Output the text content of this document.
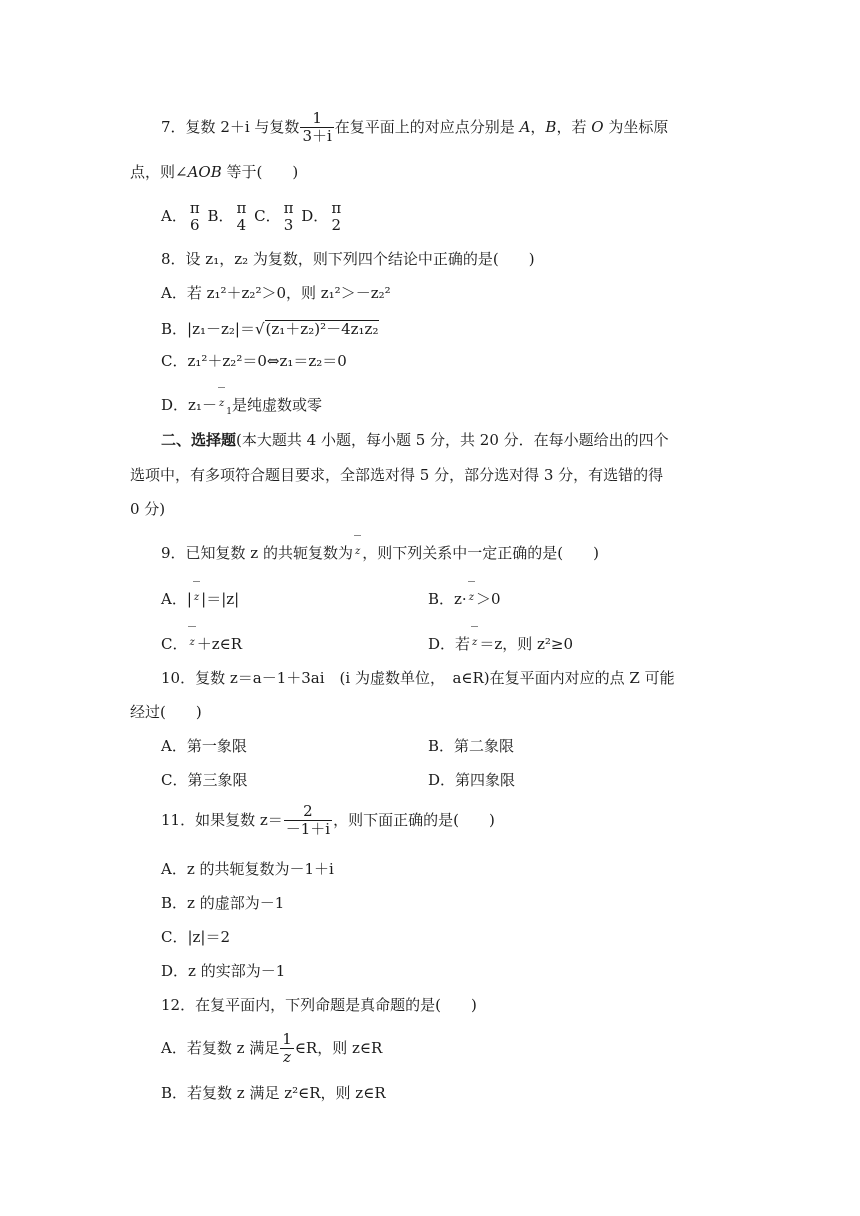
7．复数 2＋i 与复数 $\frac{1}{3+i}$ 在复平面上的对应点分别是 A，B，若 O 为坐标原
点，则∠AOB 等于(　　)
A． π
6 B． π
4 C． π
3 D． π
2
8．设 z₁，z₂ 为复数，则下列四个结论中正确的是(　　)
A．若 z₁²＋z₂²＞0，则 z₁²＞－z₂²
B．|z₁－z₂|＝√(z₁＋z₂)²－4z₁z₂
C．z₁²＋z₂²＝0⇔z₁＝z₂＝0
D．$z_1- z_1$是纯虚数或零
二、选择题(本大题共 4 小题，每小题 5 分，共 20 分．在每小题给出的四个
选项中，有多项符合题目要求，全部选对得 5 分，部分选对得 3 分，有选错的得
0 分)
9．已知复数 z 的共轭复数为 z ，则下列关系中一定正确的是(　　)
A．| z |＝|z|	B．z· z ＞0
C． z ＋z∈R	D．若 z ＝z，则 z²≥0
10．复数 z＝a－1＋3ai　(i 为虚数单位，　a∈R)在复平面内对应的点 Z 可能
经过(　　)
A．第一象限	B．第二象限
C．第三象限	D．第四象限
11．如果复数 $z= \frac{2}{-1+i}$ ，则下面正确的是(　　)
A．z 的共轭复数为－1＋i
B．z 的虚部为－1
C．|z|＝2
D．z 的实部为－1
12．在复平面内，下列命题是真命题的是(　　)
A．若复数 z 满足 $\frac{1}{z}$ ∈R，则 z∈R
B．若复数 z 满足 z²∈R，则 z∈R
